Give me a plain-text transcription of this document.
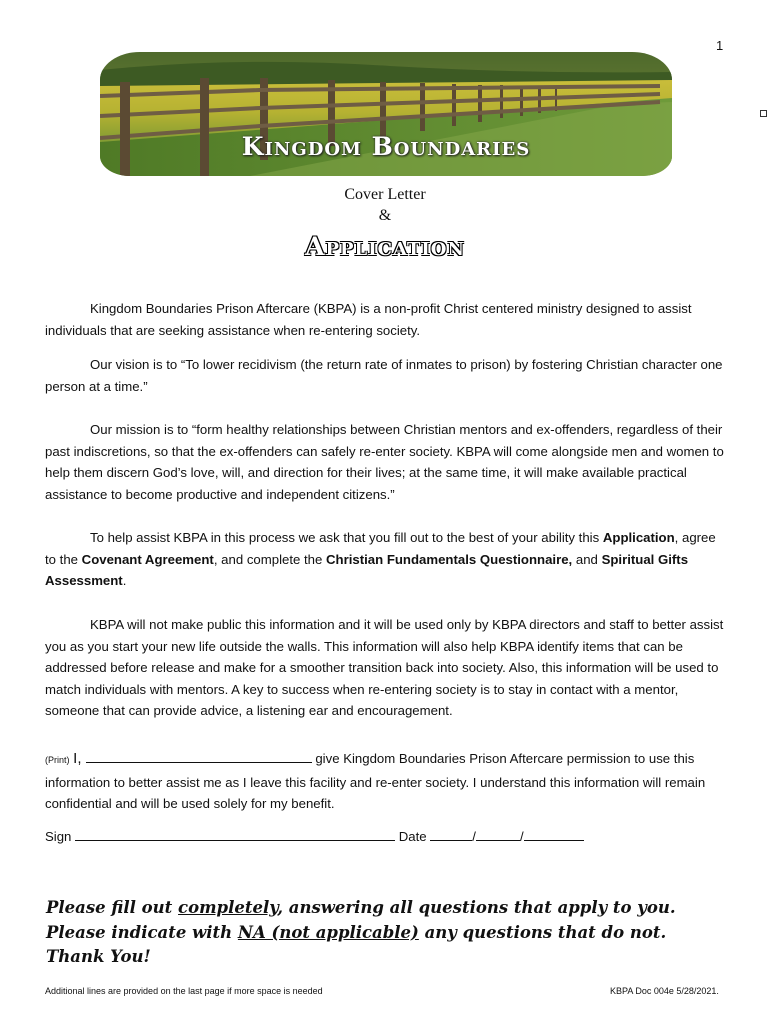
1
Kingdom Boundaries
Cover Letter
&
Application
Kingdom Boundaries Prison Aftercare (KBPA) is a non-profit Christ centered ministry designed to assist individuals that are seeking assistance when re-entering society.
Our vision is to “To lower recidivism (the return rate of inmates to prison) by fostering Christian character one person at a time.”
Our mission is to “form healthy relationships between Christian mentors and ex-offenders, regardless of their past indiscretions, so that the ex-offenders can safely re-enter society. KBPA will come alongside men and women to help them discern God’s love, will, and direction for their lives; at the same time, it will make available practical assistance to become productive and independent citizens.”
To help assist KBPA in this process we ask that you fill out to the best of your ability this Application, agree to the Covenant Agreement, and complete the Christian Fundamentals Questionnaire, and Spiritual Gifts Assessment.
KBPA will not make public this information and it will be used only by KBPA directors and staff to better assist you as you start your new life outside the walls. This information will also help KBPA identify items that can be addressed before release and make for a smoother transition back into society. Also, this information will be used to match individuals with mentors. A key to success when re-entering society is to stay in contact with a mentor, someone that can provide advice, a listening ear and encouragement.
(Print) I,	give Kingdom Boundaries Prison Aftercare permission to use this information to better assist me as I leave this facility and re-enter society. I understand this information will remain confidential and will be used solely for my benefit.
Sign	Date	/	/
Please fill out completely, answering all questions that apply to you.
Please indicate with NA (not applicable) any questions that do not.
Thank You!
Additional lines are provided on the last page if more space is needed	KBPA Doc 004e 5/28/2021.
